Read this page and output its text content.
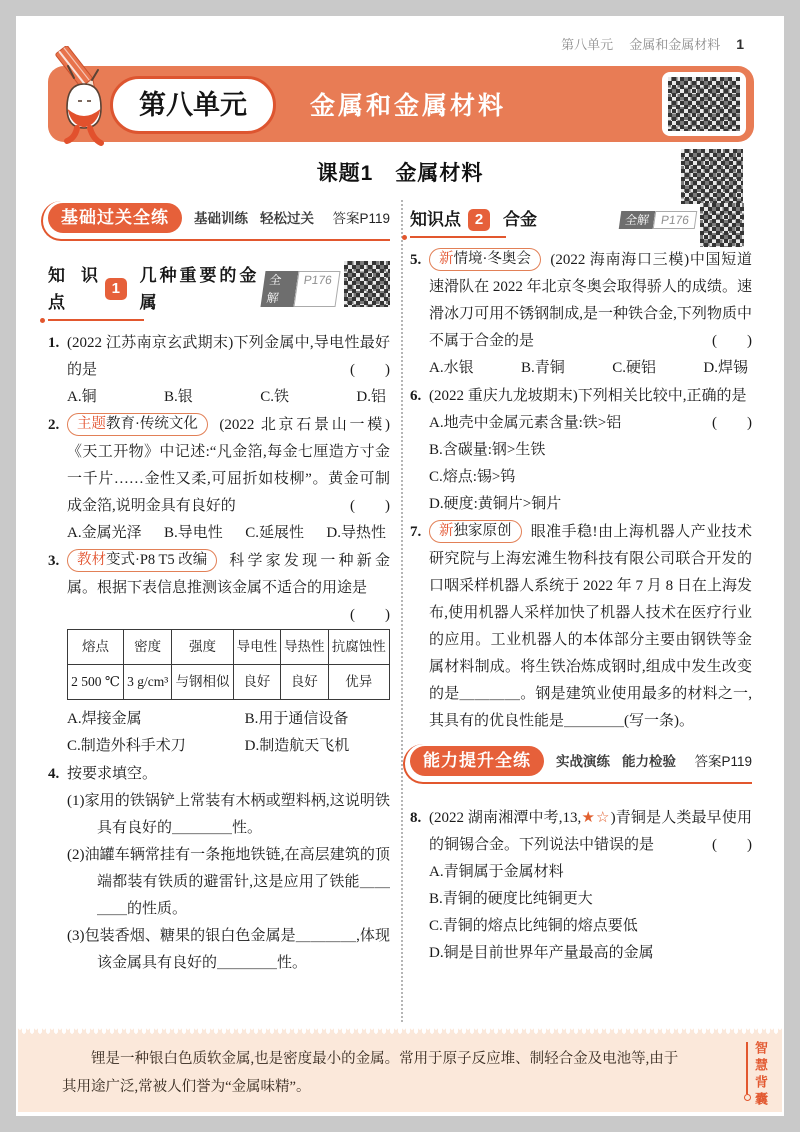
第八单元 金属和金属材料 1
第八单元	金属和金属材料
课题1　金属材料
基础过关全练	基础训练 轻松过关 答案P119
知识点
1
几种重要的金属
全解
P176
1. (2022 江苏南京玄武期末)下列金属中,导电性最好的是	(　　)
A.铜	B.银	C.铁	D.铝
2. 主题教育·传统文化 (2022 北京石景山一模)《天工开物》中记述:“凡金箔,每金七厘造方寸金一千片……金性又柔,可屈折如枝柳”。黄金可制成金箔,说明金具有良好的	(　　)
A.金属光泽 B.导电性 C.延展性 D.导热性
3. 教材变式·P8 T5 改编 科学家发现一种新金属。根据下表信息推测该金属不适合的用途是
(　　)
熔点	密度	强度	导电性	导热性	抗腐蚀性
2 500 ℃	3 g/cm³	与钢相似	良好	良好	优异
A.焊接金属	B.用于通信设备
C.制造外科手术刀	D.制造航天飞机
4. 按要求填空。
(1)家用的铁锅铲上常装有木柄或塑料柄,这说明铁具有良好的＿＿＿＿性。
(2)油罐车辆常挂有一条拖地铁链,在高层建筑的顶端都装有铁质的避雷针,这是应用了铁能＿＿＿＿的性质。
(3)包装香烟、糖果的银白色金属是＿＿＿＿,体现该金属具有良好的＿＿＿＿性。
知识点 2	合金	全解 P176
5. 新情境·冬奥会 (2022 海南海口三模)中国短道速滑队在 2022 年北京冬奥会取得骄人的成绩。速滑冰刀可用不锈钢制成,是一种铁合金,下列物质中不属于合金的是	(　　)
A.水银	B.青铜	C.硬铝	D.焊锡
6. (2022 重庆九龙坡期末)下列相关比较中,正确的是
(　　)
A.地壳中金属元素含量:铁>铝
B.含碳量:钢>生铁
C.熔点:锡>钨
D.硬度:黄铜片>铜片
7. 新独家原创 眼准手稳!由上海机器人产业技术研究院与上海宏滩生物科技有限公司联合开发的口咽采样机器人系统于 2022 年 7 月 8 日在上海发布,使用机器人采样加快了机器人技术在医疗行业的应用。工业机器人的本体部分主要由钢铁等金属材料制成。将生铁冶炼成钢时,组成中发生改变的是＿＿＿＿。钢是建筑业使用最多的材料之一,其具有的优良性能是＿＿＿＿(写一条)。
能力提升全练	实战演练 能力检验 答案P119
8. (2022 湖南湘潭中考,13,★☆)青铜是人类最早使用的铜锡合金。下列说法中错误的是	(　　)
A.青铜属于金属材料
B.青铜的硬度比纯铜更大
C.青铜的熔点比纯铜的熔点要低
D.铜是目前世界年产量最高的金属
锂是一种银白色质软金属,也是密度最小的金属。常用于原子反应堆、制轻合金及电池等,由于其用途广泛,常被人们誉为“金属味精”。	智慧背囊
